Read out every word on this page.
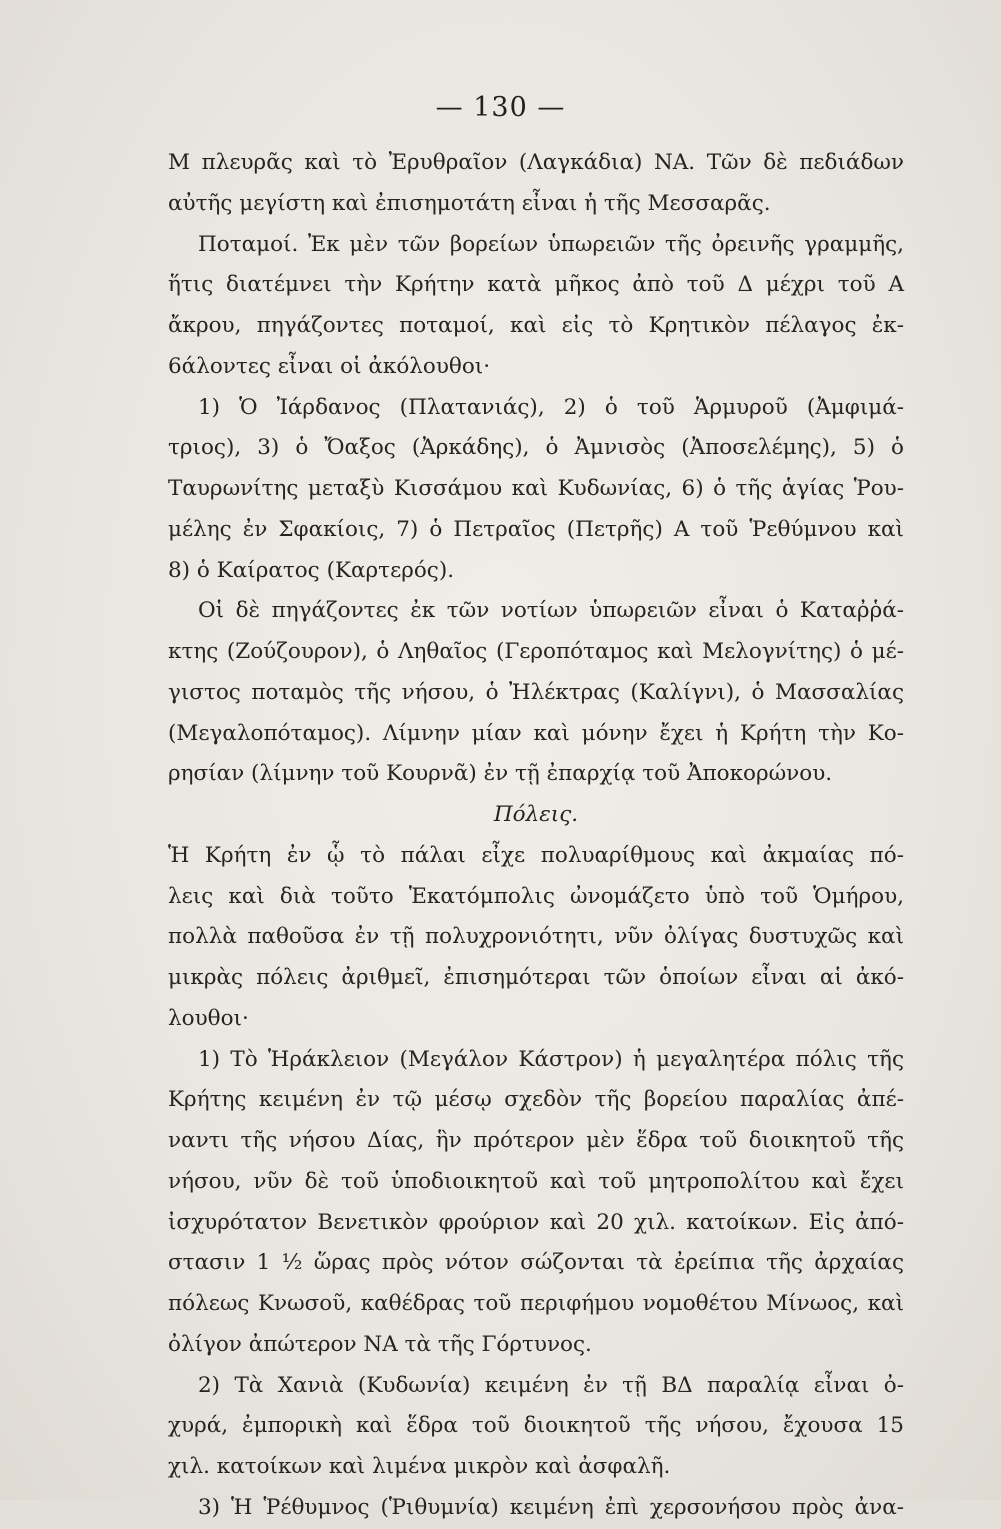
— 130 —
Μ πλευρᾶς καὶ τὸ Ἐρυθραῖον (Λαγκάδια) ΝΑ. Τῶν δὲ πεδιάδων
αὐτῆς μεγίστη καὶ ἐπισημοτάτη εἶναι ἡ τῆς Μεσσαρᾶς.
Ποταμοί. Ἐκ μὲν τῶν βορείων ὑπωρειῶν τῆς ὀρεινῆς γραμμῆς,
ἥτις διατέμνει τὴν Κρήτην κατὰ μῆκος ἀπὸ τοῦ Δ μέχρι τοῦ Α
ἄκρου, πηγάζοντες ποταμοί, καὶ εἰς τὸ Κρητικὸν πέλαγος ἐκ-
6άλοντες εἶναι οἱ ἀκόλουθοι·
1) Ὁ Ἰάρδανος (Πλατανιάς), 2) ὁ τοῦ Ἁρμυροῦ (Ἀμφιμά-
τριος), 3) ὁ Ὄαξος (Ἀρκάδης), ὁ Ἀμνισὸς (Ἀποσελέμης), 5) ὁ
Ταυρωνίτης μεταξὺ Κισσάμου καὶ Κυδωνίας, 6) ὁ τῆς ἁγίας Ῥου-
μέλης ἐν Σφακίοις, 7) ὁ Πετραῖος (Πετρῆς) Α τοῦ Ῥεθύμνου καὶ
8) ὁ Καίρατος (Καρτερός).
Οἱ δὲ πηγάζοντες ἐκ τῶν νοτίων ὑπωρειῶν εἶναι ὁ Καταῤῥά-
κτης (Ζούζουρον), ὁ Ληθαῖος (Γεροπόταμος καὶ Μελογνίτης) ὁ μέ-
γιστος ποταμὸς τῆς νήσου, ὁ Ἠλέκτρας (Καλίγνι), ὁ Μασσαλίας
(Μεγαλοπόταμος). Λίμνην μίαν καὶ μόνην ἔχει ἡ Κρήτη τὴν Κο-
ρησίαν (λίμνην τοῦ Κουρνᾶ) ἐν τῇ ἐπαρχίᾳ τοῦ Ἀποκορώνου.
Πόλεις.
Ἡ Κρήτη ἐν ᾧ τὸ πάλαι εἶχε πολυαρίθμους καὶ ἀκμαίας πό-
λεις καὶ διὰ τοῦτο Ἑκατόμπολις ὠνομάζετο ὑπὸ τοῦ Ὁμήρου,
πολλὰ παθοῦσα ἐν τῇ πολυχρονιότητι, νῦν ὀλίγας δυστυχῶς καὶ
μικρὰς πόλεις ἀριθμεῖ, ἐπισημότεραι τῶν ὁποίων εἶναι αἱ ἀκό-
λουθοι·
1) Τὸ Ἡράκλειον (Μεγάλον Κάστρον) ἡ μεγαλητέρα πόλις τῆς
Κρήτης κειμένη ἐν τῷ μέσῳ σχεδὸν τῆς βορείου παραλίας ἀπέ-
ναντι τῆς νήσου Δίας, ἣν πρότερον μὲν ἕδρα τοῦ διοικητοῦ τῆς
νήσου, νῦν δὲ τοῦ ὑποδιοικητοῦ καὶ τοῦ μητροπολίτου καὶ ἔχει
ἰσχυρότατον Βενετικὸν φρούριον καὶ 20 χιλ. κατοίκων. Εἰς ἀπό-
στασιν 1 ½ ὥρας πρὸς νότον σώζονται τὰ ἐρείπια τῆς ἀρχαίας
πόλεως Κνωσοῦ, καθέδρας τοῦ περιφήμου νομοθέτου Μίνωος, καὶ
ὀλίγον ἀπώτερον ΝΑ τὰ τῆς Γόρτυνος.
2) Τὰ Χανιὰ (Κυδωνία) κειμένη ἐν τῇ ΒΔ παραλίᾳ εἶναι ὀ-
χυρά, ἐμπορικὴ καὶ ἕδρα τοῦ διοικητοῦ τῆς νήσου, ἔχουσα 15
χιλ. κατοίκων καὶ λιμένα μικρὸν καὶ ἀσφαλῆ.
3) Ἡ Ῥέθυμνος (Ῥιθυμνία) κειμένη ἐπὶ χερσονήσου πρὸς ἀνα-
